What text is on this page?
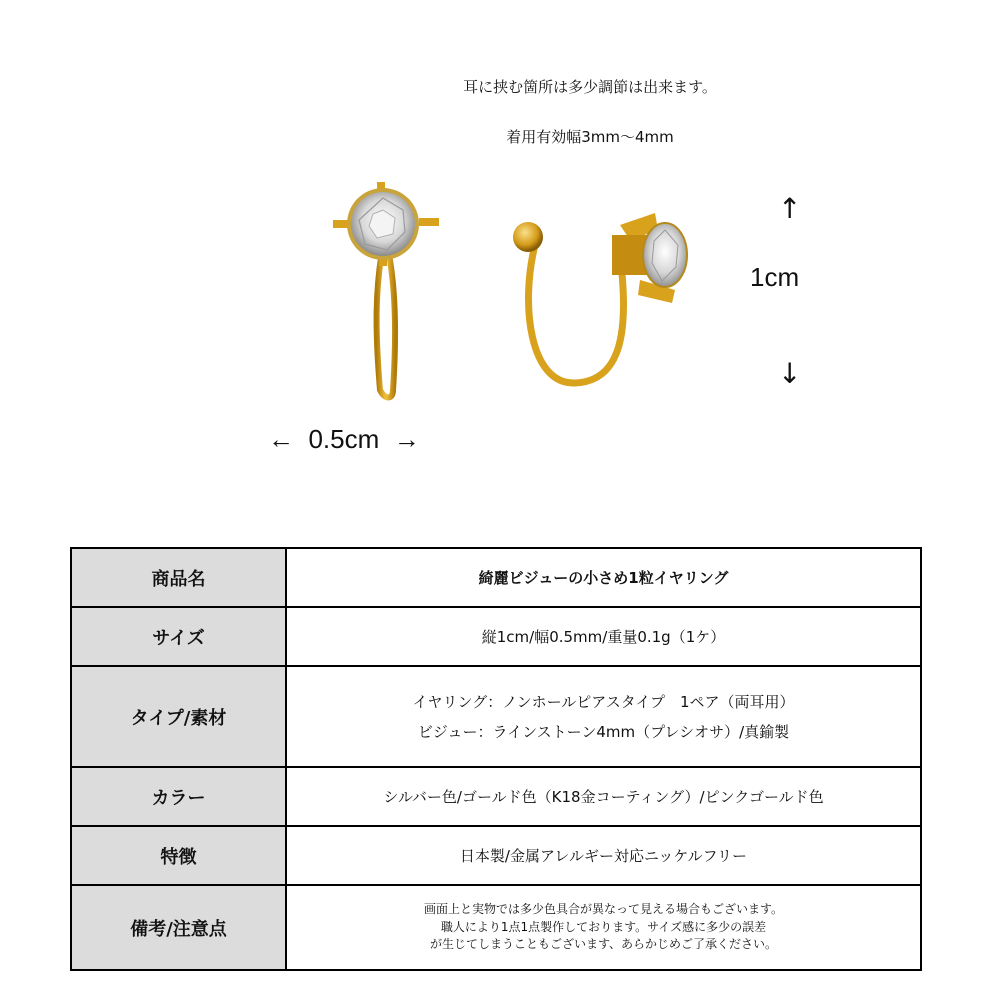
耳に挟む箇所は多少調節は出来ます。
着用有効幅3mm～4mm
↑
1cm
↓
←  0.5cm  →
商品名	綺麗ビジューの小さめ1粒イヤリング
サイズ	縦1cm/幅0.5mm/重量0.1g（1ケ）
タイプ/素材	イヤリング：ノンホールピアスタイプ　1ペア（両耳用）
ビジュー：ラインストーン4mm（プレシオサ）/真鍮製

カラー	シルバー色/ゴールド色（K18金コーティング）/ピンクゴールド色
特徴	日本製/金属アレルギー対応ニッケルフリー
備考/注意点	画面上と実物では多少色具合が異なって見える場合もございます。
職人により1点1点製作しております。サイズ感に多少の誤差
が生じてしまうこともございます、あらかじめご了承ください。
